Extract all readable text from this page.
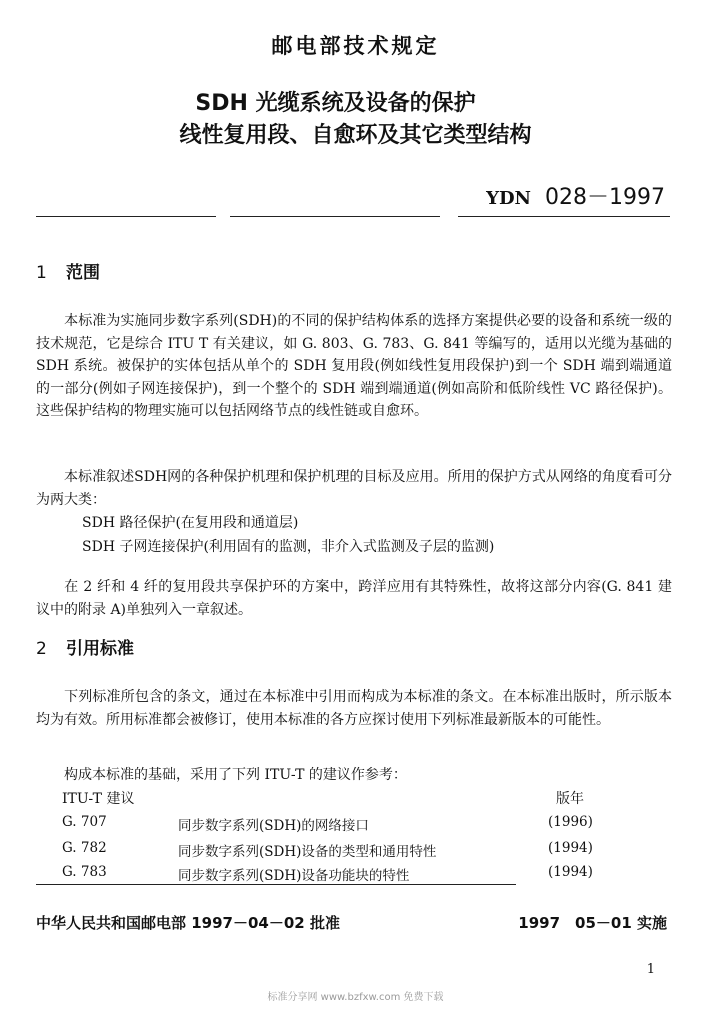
邮电部技术规定
SDH 光缆系统及设备的保护
线性复用段、自愈环及其它类型结构
YDN 028－1997
1 范围
本标准为实施同步数字系列(SDH)的不同的保护结构体系的选择方案提供必要的设备和系统一级的技术规范，它是综合 ITU T 有关建议，如 G. 803、G. 783、G. 841 等编写的，适用以光缆为基础的 SDH 系统。被保护的实体包括从单个的 SDH 复用段(例如线性复用段保护)到一个 SDH 端到端通道的一部分(例如子网连接保护)，到一个整个的 SDH 端到端通道(例如高阶和低阶线性 VC 路径保护)。这些保护结构的物理实施可以包括网络节点的线性链或自愈环。
本标准叙述SDH网的各种保护机理和保护机理的目标及应用。所用的保护方式从网络的角度看可分为两大类：
SDH 路径保护(在复用段和通道层)
SDH 子网连接保护(利用固有的监测，非介入式监测及子层的监测)
在 2 纤和 4 纤的复用段共享保护环的方案中，跨洋应用有其特殊性，故将这部分内容(G. 841 建议中的附录 A)单独列入一章叙述。
2 引用标准
下列标准所包含的条文，通过在本标准中引用而构成为本标准的条文。在本标准出版时，所示版本均为有效。所用标准都会被修订，使用本标准的各方应探讨使用下列标准最新版本的可能性。
构成本标准的基础，采用了下列 ITU-T 的建议作参考：
ITU-T 建议	版年
G. 707	同步数字系列(SDH)的网络接口	(1996)
G. 782	同步数字系列(SDH)设备的类型和通用特性	(1994)
G. 783	同步数字系列(SDH)设备功能块的特性	(1994)
中华人民共和国邮电部 1997－04－02 批准	1997　05－01 实施
1
标准分享网 www.bzfxw.com 免费下载
